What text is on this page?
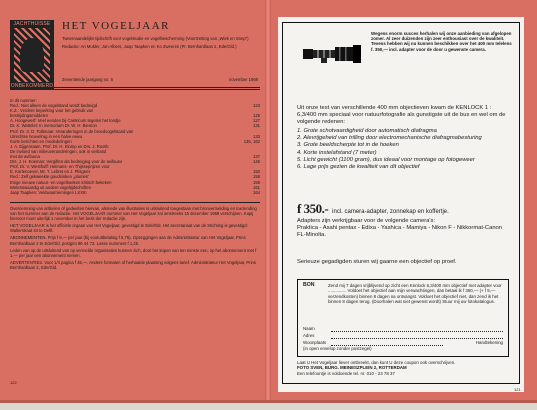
JACHTHUISSE
ONBEKOMMERD
HET VOGELJAAR

Tweemaandelijks tijdschrift voor vogelstudie en vogelbescherming (Voortzetting van „Wiek en Snep")

Redactie: An Mulder, Jan Albers, Jaap Taapken en Ko Zweeres (Pr. Bernhardlaan 2, Ede/Gld.)

Zeventiende jaargang no. 5	november 1969
In dit nummer:
Red.: Niet alleen de vogelstand wordt bedreigd	123
K.Z.: Verdere beperking voor het gebruik van
bestrijdingsmiddelen	125
A. Hoogewerf: Veel eenden bij Castricum tegelen het loodje	127
Dr. K. Wattelet: In memoriam Dr. W. H. Biemon	131
Prof. Dr. Ir. D. Tollenaar: Veranderingen in de broedvogelstand van
Utrechtse heuvelrug in een halve eeuw	133
Korte berichten en mededelingen	135, 162
J. A. Eijgenraam, Prof. Dr. H. Klomp en Drs. J. Rooth:
De invloed van milieuveranderingen, ook in verband
met de avifauna	137
Drs. J. H. Koeman: Vergiften als bedreiging voor de avifauna	146
Prof. Dr. V. Westhoff: Heimans- en Thijsseprijzen voor
E. Kortenoever, Mr. T. Lebret en J. Plisgens	150
Red.: Zelf gekweekte goudvinken „plumes"	158
Enige nieuwe natuur- en vogelboeken kritisch bekeken	159
Wetenswaardig uit andere vogeltijdschriften	161
Jaap Taapken: Veldwaarnemingen LXXIII	164

Overnemning van artikelen of gedeelten hiervan, alsmede van illustraties is uitsluitend toegestaan met bronvermelding en toezending van het nummer aan de redactie. Het VOGELJAAR nummer van Het Vogeljaar zal omstreeks 15 december 1969 verschijnen. Kopij hiervoor moet uiterlijk 1 november in het bezit der redactie zijn.

HET VOGELJAAR is het officiële orgaan van Het Vogeljaar, gevestigd te Ede/Gld. Het secretariaat van de Stichting is gevestigd: Wallerstraat 43 te Delft.

ABONNEMENTEN. Prijs f 6,— per jaar (bij vooruitbetaling f 5,75). Opzeggingen aan de Administrateur van Het Vogeljaar, Prins Bernhardlaan 2 te Ede/Gld, postgiro 96 44 72. Losse nummers f 1,25.

Leden van op de uitsluitend van op vermelde organisaties kunnen zich, door het kopen van ten minste een, op het abonnement met f 1,— per jaar een abonnement nemen.

ADVERTENTIES. Voor 1/4 pagina f 45,—. Andere formaten of herhaalde plaatsing volgens tarief. Administrateur Het Vogeljaar, Prins Bernhardlaan 2, Ede/Gld.

122
Wegens enorm succes herhalen wij onze aanbieding van afgelopen zomer. Al zeer duizenden zijn zeer enthousiast over de kwaliteit. Tevens hebben wij nu kunnen beschikken over het 400 mm telelens f. 350,— incl. adapter voor de door u gewenste camera.

Uit onze test van verschillende 400 mm objectieven kwam de KENLOCK 1 : 6,3/400 mm speciaal voor natuurfotografie als gunstigste uit de bus en wel om de volgende redenen:

1. Grote schotvaardigheid door automatisch diafragma
2. Alevrijgeheid van trilling door electromechanische diafragmabesturing
3. Grote beeldscherpte tot in de hoeken
4. Korte instelafstand (7 meter)
5. Licht gewicht (1100 gram), dus ideaal voor montage op fotogeweer
6. Lage prijs gezien de kwaliteit van dit objectief
f 350.- incl. camera-adapter, zonnekap en koffertje.
Adapters zijn verkrijgbaar voor de volgende camera's:
Praktica - Asahi pentax - Edixa - Yashica - Mamiya - Nikon F - Nikkormat-Canon FL-Minolta.
Serieuze gegadigden sturen wij gaarne een objectief op proef.
BON	Zend mij 7 dagen vrijblijvend op zicht een Kenlock 6,3/400 mm objectief met adapter voor ............... Voldoet het objectief aan mijn verwachtingen, dan betaal ik f 350,— (+ f 5,— verzendkosten) binnen 8 dagen na ontvangst. Voldoet het objectief niet, dan zend ik het binnen 8 dagen terug. (Doorhalen wat niet gewenst wordt) Stuur mij uw fotokatalogus.
Naam
Adres
Woonplaats	Handtekening
(in open envelop zonder postzegel)
Laat U Het Vogeljaar liever ontbreekt, dan kunt U deze coupon ook overschrijven.
FOTO SVEN, BURG. MEINESZPLEIN 2, ROTTERDAM
Een telefoontje is voldoende tel. nr. 010 - 23 78 37
121
